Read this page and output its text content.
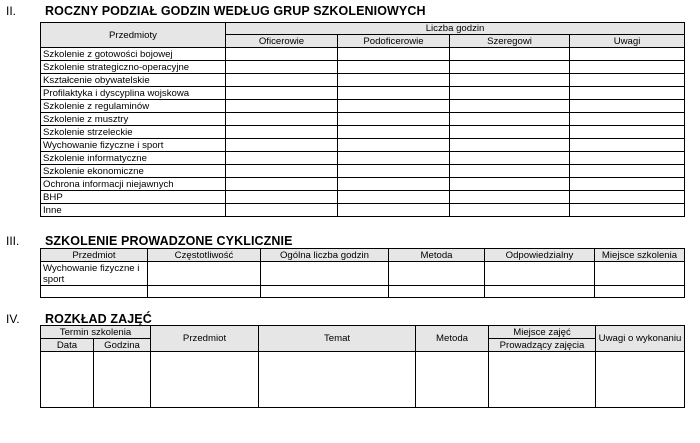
II. ROCZNY PODZIAŁ GODZIN WEDŁUG GRUP SZKOLENIOWYCH
Przedmioty	Liczba godzin			
	Oficerowie	Podoficerowie	Szeregowi	Uwagi
Szkolenie z gotowości bojowej				
Szkolenie strategiczno-operacyjne				
Kształcenie obywatelskie				
Profilaktyka i dyscyplina wojskowa				
Szkolenie z regulaminów				
Szkolenie z musztry				
Szkolenie strzeleckie				
Wychowanie fizyczne i sport				
Szkolenie informatyczne				
Szkolenie ekonomiczne				
Ochrona informacji niejawnych				
BHP				
Inne				
III. SZKOLENIE PROWADZONE CYKLICZNIE
Przedmiot	Częstotliwość	Ogólna liczba godzin	Metoda	Odpowiedzialny	Miejsce szkolenia
Wychowanie fizyczne i sport					

IV. ROZKŁAD ZAJĘĆ
Termin szkolenia		Przedmiot	Temat	Metoda	Miejsce zajęć	Uwagi o wykonaniu
Data	Godzina				Prowadzący zajęcia	
